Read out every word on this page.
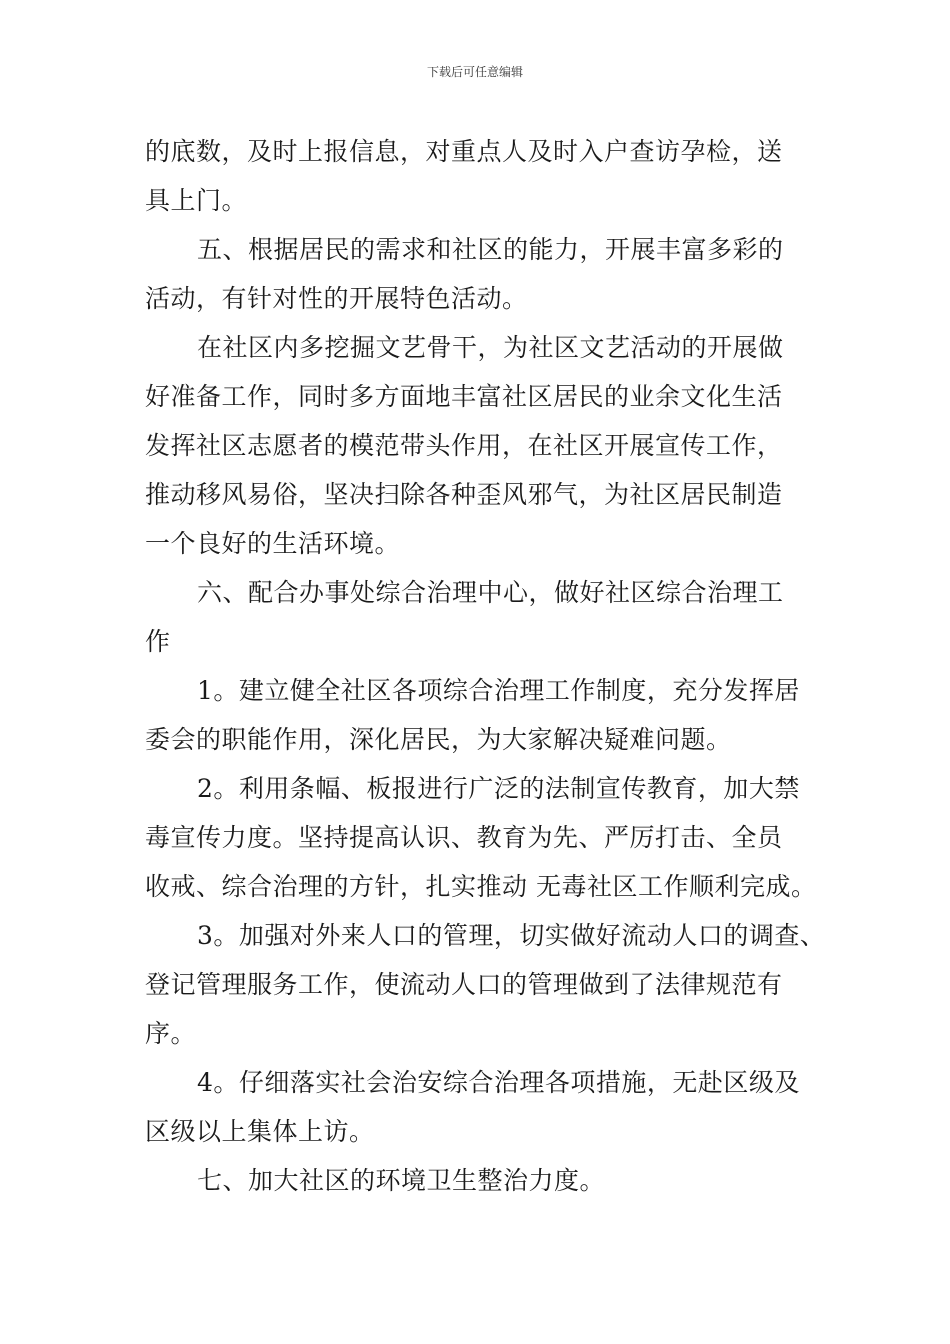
下载后可任意编辑
的底数，及时上报信息，对重点人及时入户查访孕检，送
具上门。
五、根据居民的需求和社区的能力，开展丰富多彩的
活动，有针对性的开展特色活动。
在社区内多挖掘文艺骨干，为社区文艺活动的开展做
好准备工作，同时多方面地丰富社区居民的业余文化生活
发挥社区志愿者的模范带头作用，在社区开展宣传工作，
推动移风易俗，坚决扫除各种歪风邪气，为社区居民制造
一个良好的生活环境。
六、配合办事处综合治理中心，做好社区综合治理工
作
1。建立健全社区各项综合治理工作制度，充分发挥居
委会的职能作用，深化居民，为大家解决疑难问题。
2。利用条幅、板报进行广泛的法制宣传教育，加大禁
毒宣传力度。坚持提高认识、教育为先、严厉打击、全员
收戒、综合治理的方针，扎实推动 无毒社区工作顺利完成。
3。加强对外来人口的管理，切实做好流动人口的调查、
登记管理服务工作，使流动人口的管理做到了法律规范有
序。
4。仔细落实社会治安综合治理各项措施，无赴区级及
区级以上集体上访。
七、加大社区的环境卫生整治力度。
